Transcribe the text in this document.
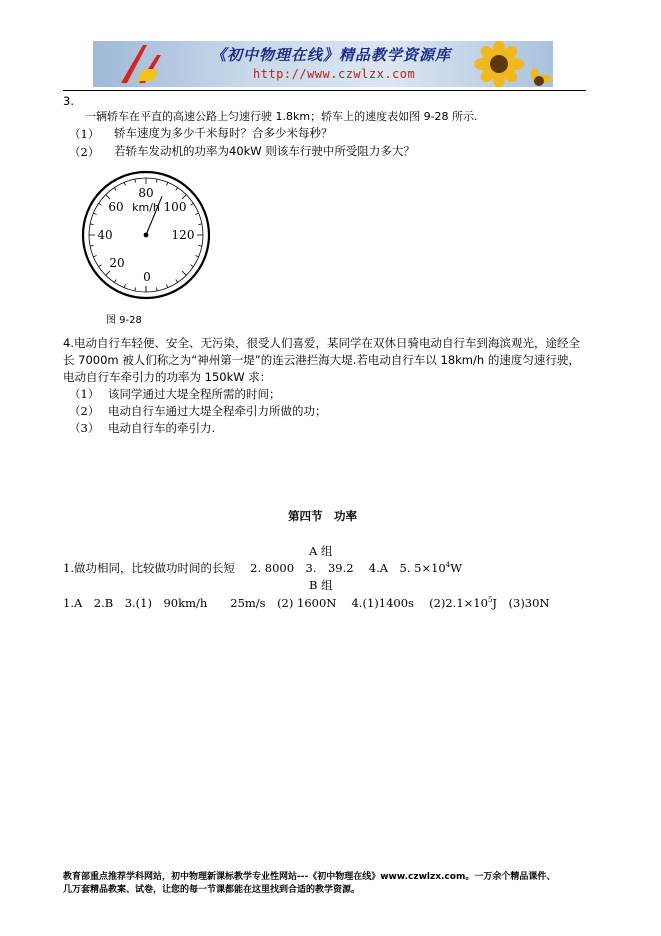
《初中物理在线》精品教学资源库
http://www.czwlzx.com
3.
一辆轿车在平直的高速公路上匀速行驶 1.8km；轿车上的速度表如图 9-28 所示.
（1） 轿车速度为多少千米每时？合多少米每秒？
（2） 若轿车发动机的功率为40kW 则该车行驶中所受阻力多大？
80
60	100
40	120
20
0
km/h
图 9-28
4.电动自行车轻便、安全、无污染，很受人们喜爱，某同学在双休日骑电动自行车到海滨观光，途经全
长 7000m 被人们称之为“神州第一堤”的连云港拦海大堤.若电动自行车以 18km/h 的速度匀速行驶，
电动自行车牵引力的功率为 150kW 求：
（1） 该同学通过大堤全程所需的时间；
（2） 电动自行车通过大堤全程牵引力所做的功；
（3） 电动自行车的牵引力.
第四节　功率
A 组
1.做功相同，比较做功时间的长短　 2. 8000　3.　39.2　 4.A　5. $5\times 10^4W$
B 组
1.A　2.B　3.(1)　90km/h　　25m/s　(2) 1600N　 4.(1)1400s　 $(2)2.1\times 10^5J$　(3)30N
教育部重点推荐学科网站，初中物理新课标教学专业性网站---《初中物理在线》www.czwlzx.com。一万余个精品课件、
几万套精品教案、试卷，让您的每一节课都能在这里找到合适的教学资源。
